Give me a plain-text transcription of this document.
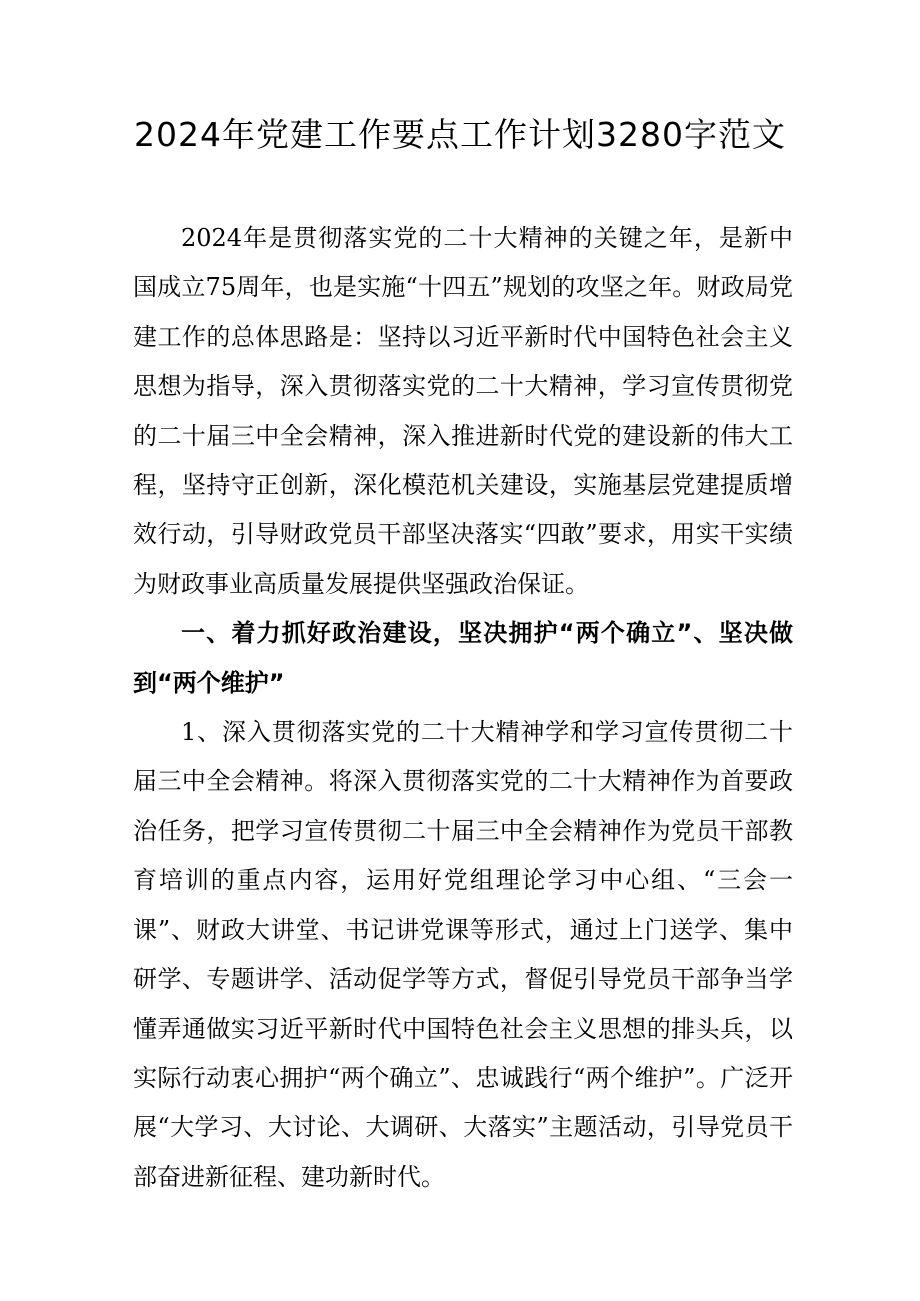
2024年党建工作要点工作计划3280字范文

2024年是贯彻落实党的二十大精神的关键之年，是新中国成立75周年，也是实施“十四五”规划的攻坚之年。财政局党建工作的总体思路是：坚持以习近平新时代中国特色社会主义思想为指导，深入贯彻落实党的二十大精神，学习宣传贯彻党的二十届三中全会精神，深入推进新时代党的建设新的伟大工程，坚持守正创新，深化模范机关建设，实施基层党建提质增效行动，引导财政党员干部坚决落实“四敢”要求，用实干实绩为财政事业高质量发展提供坚强政治保证。

一、着力抓好政治建设，坚决拥护“两个确立”、坚决做到“两个维护”

1、深入贯彻落实党的二十大精神学和学习宣传贯彻二十届三中全会精神。将深入贯彻落实党的二十大精神作为首要政治任务，把学习宣传贯彻二十届三中全会精神作为党员干部教育培训的重点内容，运用好党组理论学习中心组、“三会一课”、财政大讲堂、书记讲党课等形式，通过上门送学、集中研学、专题讲学、活动促学等方式，督促引导党员干部争当学懂弄通做实习近平新时代中国特色社会主义思想的排头兵，以实际行动衷心拥护“两个确立”、忠诚践行“两个维护”。广泛开展“大学习、大讨论、大调研、大落实”主题活动，引导党员干部奋进新征程、建功新时代。
